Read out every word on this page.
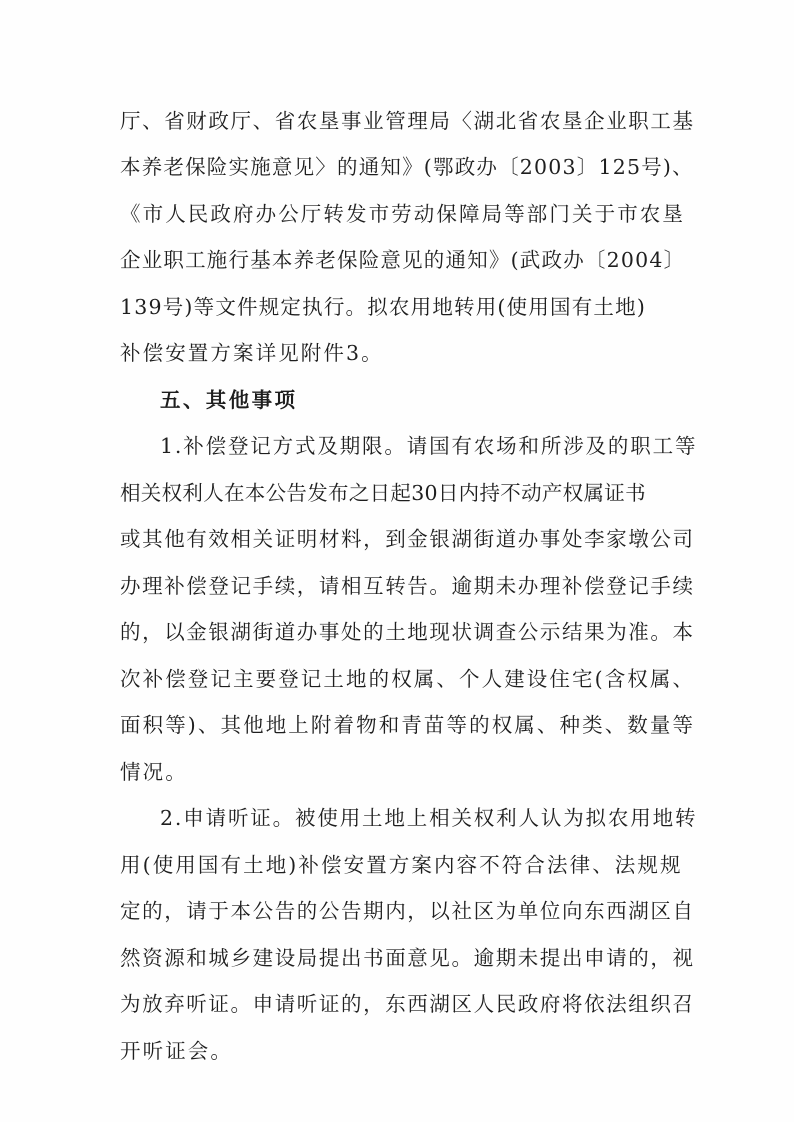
厅、省财政厅、省农垦事业管理局〈湖北省农垦企业职工基
本养老保险实施意见〉的通知》(鄂政办〔2003〕125号)、
《市人民政府办公厅转发市劳动保障局等部门关于市农垦
企业职工施行基本养老保险意见的通知》(武政办〔2004〕
139号)等文件规定执行。拟农用地转用(使用国有土地)
补偿安置方案详见附件3。
五、其他事项
1.补偿登记方式及期限。请国有农场和所涉及的职工等
相关权利人在本公告发布之日起30日内持不动产权属证书
或其他有效相关证明材料，到金银湖街道办事处李家墩公司
办理补偿登记手续，请相互转告。逾期未办理补偿登记手续
的，以金银湖街道办事处的土地现状调查公示结果为准。本
次补偿登记主要登记土地的权属、个人建设住宅(含权属、
面积等)、其他地上附着物和青苗等的权属、种类、数量等
情况。
2.申请听证。被使用土地上相关权利人认为拟农用地转
用(使用国有土地)补偿安置方案内容不符合法律、法规规
定的，请于本公告的公告期内，以社区为单位向东西湖区自
然资源和城乡建设局提出书面意见。逾期未提出申请的，视
为放弃听证。申请听证的，东西湖区人民政府将依法组织召
开听证会。
